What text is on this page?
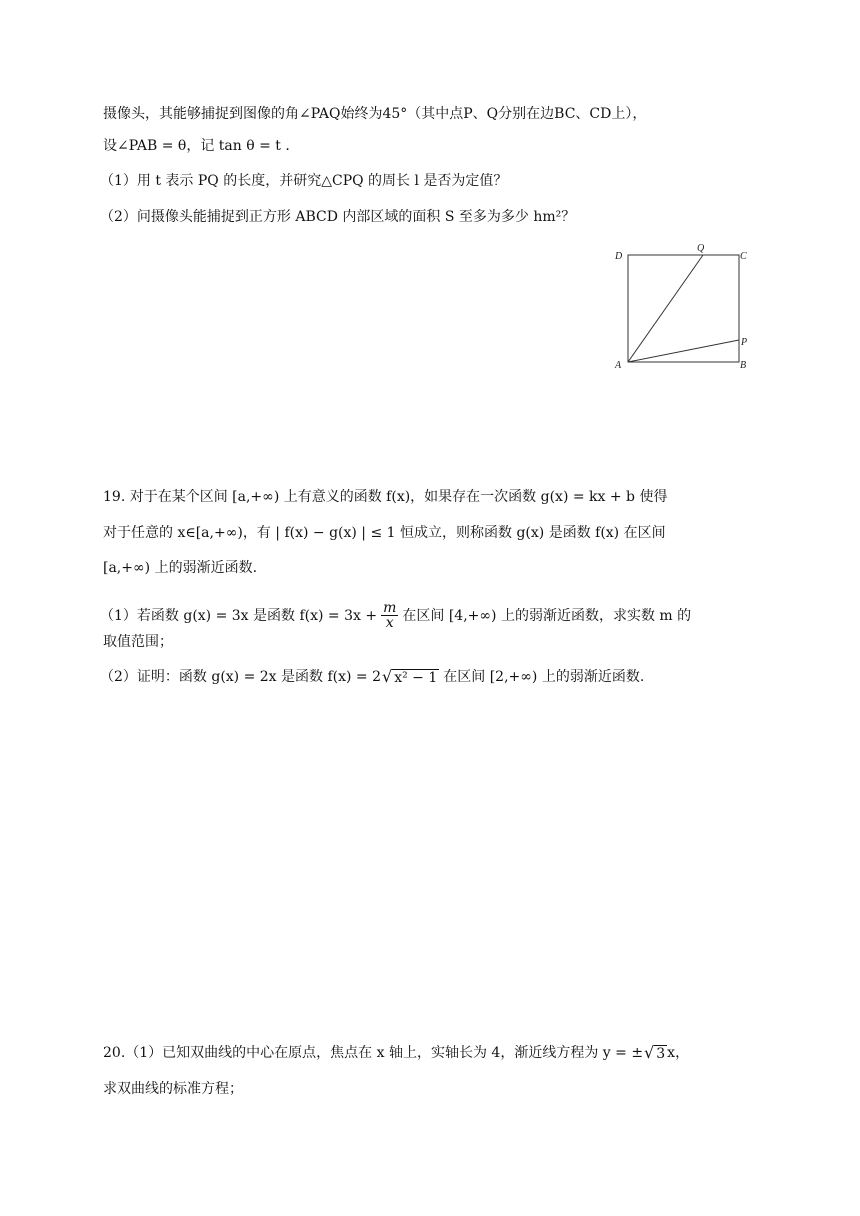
摄像头，其能够捕捉到图像的角∠PAQ始终为45°（其中点P、Q分别在边BC、CD上），
设∠PAB = θ，记 tan θ = t .
（1）用 t 表示 PQ 的长度，并研究△CPQ 的周长 l 是否为定值？
（2）问摄像头能捕捉到正方形 ABCD 内部区域的面积 S 至多为多少 hm²？
D
Q
C
P
A	B
19. 对于在某个区间 [a,+∞) 上有意义的函数 f(x)，如果存在一次函数 g(x) = kx + b 使得
对于任意的 x∈[a,+∞)，有 | f(x) − g(x) | ≤ 1 恒成立，则称函数 g(x) 是函数 f(x) 在区间
[a,+∞) 上的弱渐近函数.
（1）若函数 g(x) = 3x 是函数 $f(x) = 3x + \frac{m}{x}$ 在区间 [4,+∞) 上的弱渐近函数，求实数 m 的
取值范围；
（2）证明：函数 g(x) = 2x 是函数 f(x) = 2 √ x² − 1 在区间 [2,+∞) 上的弱渐近函数.
20.（1）已知双曲线的中心在原点，焦点在 x 轴上，实轴长为 4，渐近线方程为 y = ± √ 3 x，
求双曲线的标准方程；
